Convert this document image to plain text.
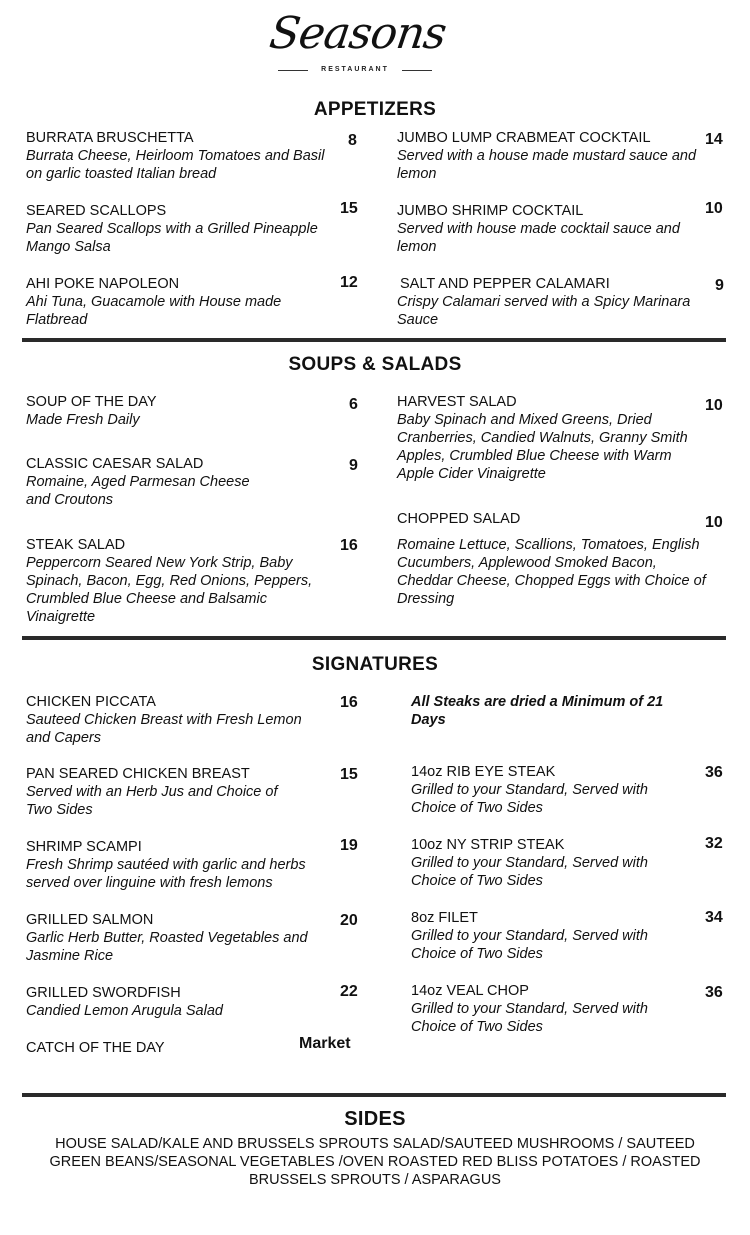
Seasons
RESTAURANT
APPETIZERS
BURRATA BRUSCHETTA
Burrata Cheese, Heirloom Tomatoes and Basil on garlic toasted Italian bread
8
SEARED SCALLOPS
Pan Seared Scallops with a Grilled Pineapple Mango Salsa
15
AHI POKE NAPOLEON
Ahi Tuna, Guacamole with House made Flatbread
12
JUMBO LUMP CRABMEAT COCKTAIL
Served with a house made mustard sauce and lemon
14
JUMBO SHRIMP COCKTAIL
Served with house made cocktail sauce and lemon
10
SALT AND PEPPER CALAMARI
Crispy Calamari served with a Spicy Marinara Sauce
9
SOUPS & SALADS
SOUP OF THE DAY
Made Fresh Daily
6
CLASSIC CAESAR SALAD
Romaine, Aged Parmesan Cheese and Croutons
9
STEAK SALAD
Peppercorn Seared New York Strip, Baby Spinach, Bacon, Egg, Red Onions, Peppers, Crumbled Blue Cheese and Balsamic Vinaigrette
16
HARVEST SALAD
Baby Spinach and Mixed Greens, Dried Cranberries, Candied Walnuts, Granny Smith Apples, Crumbled Blue Cheese with Warm Apple Cider Vinaigrette
10
CHOPPED SALAD
Romaine Lettuce, Scallions, Tomatoes, English Cucumbers, Applewood Smoked Bacon, Cheddar Cheese, Chopped Eggs with Choice of Dressing
10
SIGNATURES
CHICKEN PICCATA
Sauteed Chicken Breast with Fresh Lemon and Capers
16
PAN SEARED CHICKEN BREAST
Served with an Herb Jus and Choice of Two Sides
15
SHRIMP SCAMPI
Fresh Shrimp sautéed with garlic and herbs served over linguine with fresh lemons
19
GRILLED SALMON
Garlic Herb Butter, Roasted Vegetables and Jasmine Rice
20
GRILLED SWORDFISH
Candied Lemon Arugula Salad
22
CATCH OF THE DAY	Market
All Steaks are dried a Minimum of 21 Days
14oz RIB EYE STEAK
Grilled to your Standard, Served with Choice of Two Sides
36
10oz NY STRIP STEAK
Grilled to your Standard, Served with Choice of Two Sides
32
8oz FILET
Grilled to your Standard, Served with Choice of Two Sides
34
14oz VEAL CHOP
Grilled to your Standard, Served with Choice of Two Sides
36
SIDES
HOUSE SALAD/KALE AND BRUSSELS SPROUTS SALAD/SAUTEED MUSHROOMS / SAUTEED GREEN BEANS/SEASONAL VEGETABLES /OVEN ROASTED RED BLISS POTATOES / ROASTED BRUSSELS SPROUTS / ASPARAGUS
